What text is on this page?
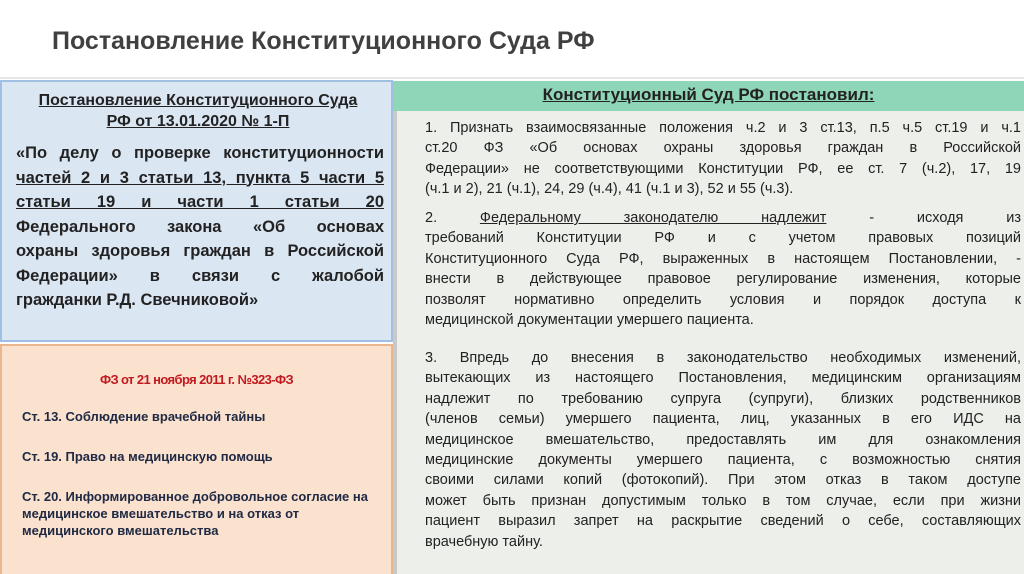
Постановление Конституционного Суда РФ
Постановление Конституционного Суда
РФ от 13.01.2020 № 1-П
«По делу о проверке конституционности
частей 2 и 3 статьи 13, пункта 5 части 5
статьи 19 и части 1 статьи 20
Федерального закона «Об основах
охраны здоровья граждан в Российской
Федерации» в связи с жалобой
гражданки Р.Д. Свечниковой»
ФЗ от 21 ноября 2011 г. №323-ФЗ
Ст. 13. Соблюдение врачебной тайны
Ст. 19. Право на медицинскую помощь
Ст. 20. Информированное добровольное согласие на медицинское вмешательство и на отказ от медицинского вмешательства
Конституционный Суд РФ постановил:
1. Признать взаимосвязанные положения ч.2 и 3 ст.13, п.5 ч.5 ст.19 и ч.1
ст.20 ФЗ «Об основах охраны здоровья граждан в Российской
Федерации» не соответствующими Конституции РФ, ее ст. 7 (ч.2), 17, 19
(ч.1 и 2), 21 (ч.1), 24, 29 (ч.4), 41 (ч.1 и 3), 52 и 55 (ч.3).
2.	Федеральному законодателю надлежит	- исходя из
требований Конституции РФ и с учетом правовых позиций
Конституционного Суда РФ, выраженных в настоящем Постановлении, -
внести в действующее правовое регулирование изменения, которые
позволят нормативно определить условия и порядок доступа к
медицинской документации умершего пациента.
3. Впредь до внесения в законодательство необходимых изменений,
вытекающих из настоящего Постановления, медицинским организациям
надлежит по требованию супруга (супруги), близких родственников
(членов семьи) умершего пациента, лиц, указанных в его ИДС на
медицинское вмешательство, предоставлять им для ознакомления
медицинские документы умершего пациента, с возможностью снятия
своими силами копий (фотокопий). При этом отказ в таком доступе
может быть признан допустимым только в том случае, если при жизни
пациент выразил запрет на раскрытие сведений о себе, составляющих
врачебную тайну.
